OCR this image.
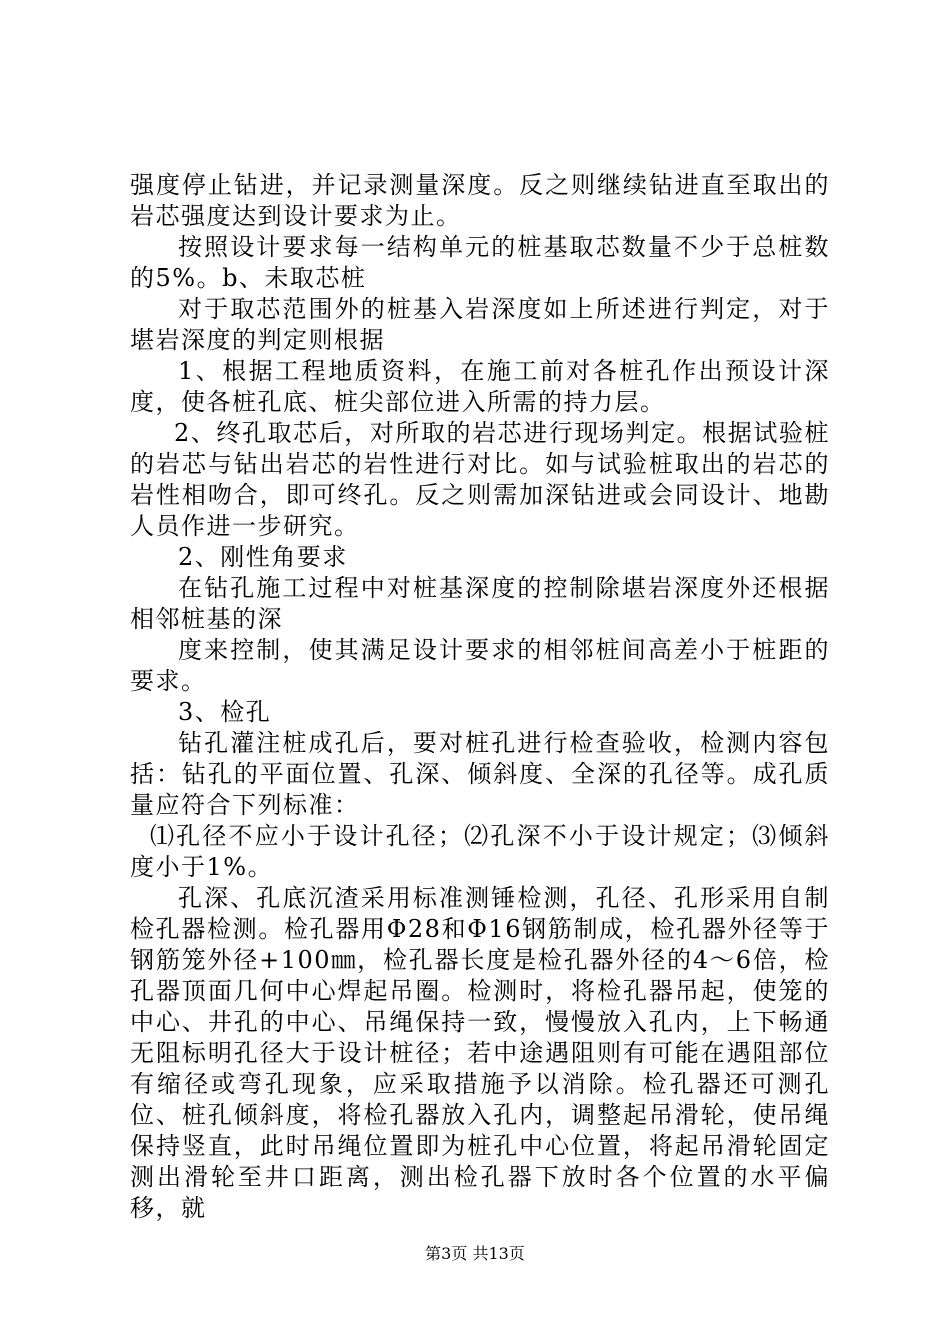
强度停止钻进，并记录测量深度。反之则继续钻进直至取出的岩芯强度达到设计要求为止。

按照设计要求每一结构单元的桩基取芯数量不少于总桩数的5%。b、未取芯桩

对于取芯范围外的桩基入岩深度如上所述进行判定，对于堪岩深度的判定则根据

1、根据工程地质资料，在施工前对各桩孔作出预设计深度，使各桩孔底、桩尖部位进入所需的持力层。

2、终孔取芯后，对所取的岩芯进行现场判定。根据试验桩的岩芯与钻出岩芯的岩性进行对比。如与试验桩取出的岩芯的岩性相吻合，即可终孔。反之则需加深钻进或会同设计、地勘人员作进一步研究。

2、刚性角要求

在钻孔施工过程中对桩基深度的控制除堪岩深度外还根据相邻桩基的深

度来控制，使其满足设计要求的相邻桩间高差小于桩距的要求。

3、检孔

钻孔灌注桩成孔后，要对桩孔进行检查验收，检测内容包括：钻孔的平面位置、孔深、倾斜度、全深的孔径等。成孔质量应符合下列标准：

⑴孔径不应小于设计孔径；⑵孔深不小于设计规定；⑶倾斜度小于1%。

孔深、孔底沉渣采用标准测锤检测，孔径、孔形采用自制检孔器检测。检孔器用Φ28和Φ16钢筋制成，检孔器外径等于钢筋笼外径+100㎜，检孔器长度是检孔器外径的4～6倍，检孔器顶面几何中心焊起吊圈。检测时，将检孔器吊起，使笼的中心、井孔的中心、吊绳保持一致，慢慢放入孔内，上下畅通无阻标明孔径大于设计桩径；若中途遇阻则有可能在遇阻部位有缩径或弯孔现象，应采取措施予以消除。检孔器还可测孔位、桩孔倾斜度，将检孔器放入孔内，调整起吊滑轮，使吊绳保持竖直，此时吊绳位置即为桩孔中心位置，将起吊滑轮固定测出滑轮至井口距离，测出检孔器下放时各个位置的水平偏移，就

第3页 共13页
